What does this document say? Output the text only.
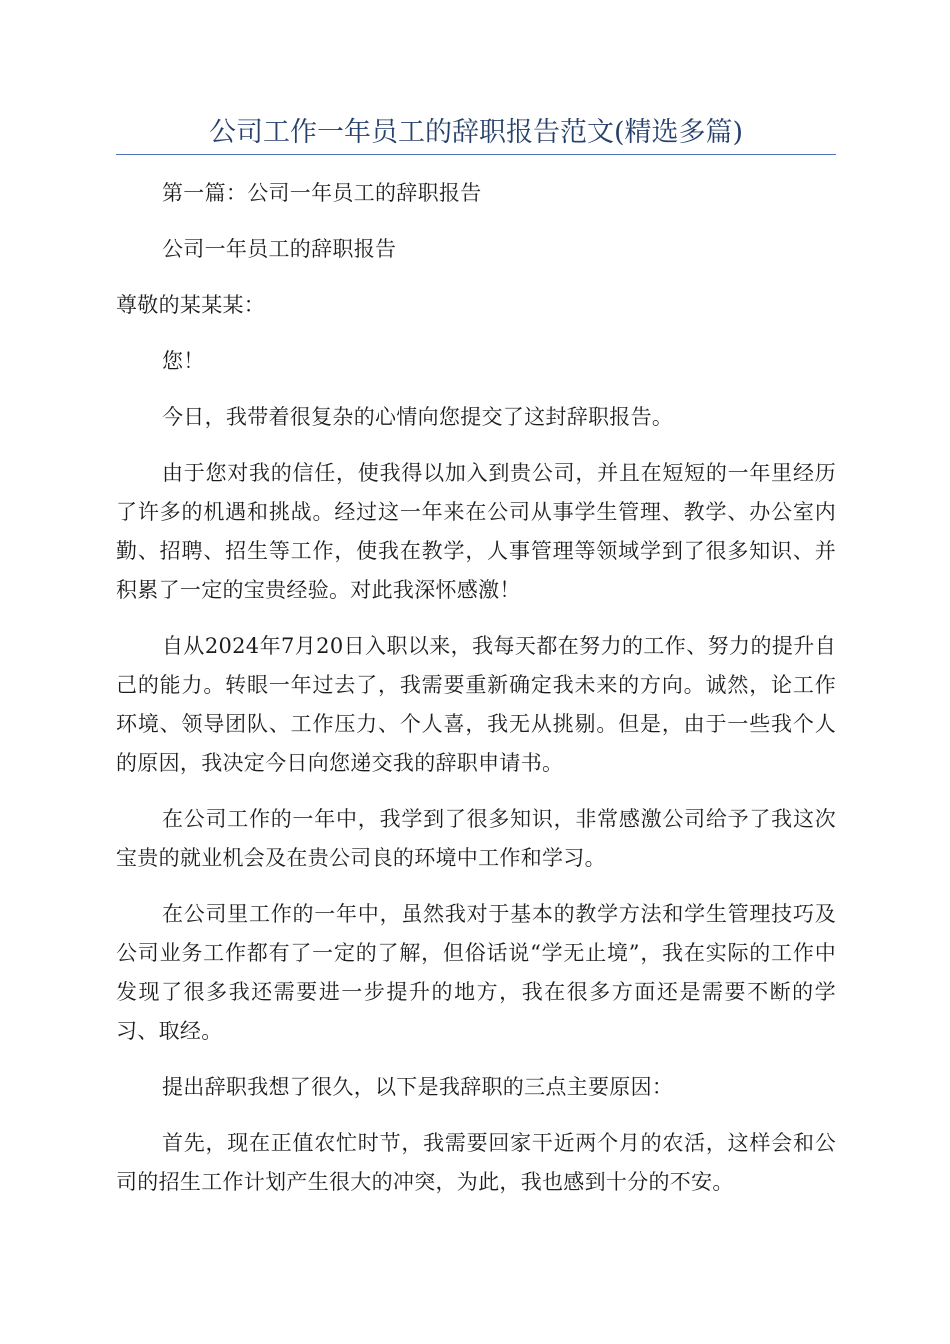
公司工作一年员工的辞职报告范文(精选多篇)

第一篇：公司一年员工的辞职报告

公司一年员工的辞职报告

尊敬的某某某：

您！

今日，我带着很复杂的心情向您提交了这封辞职报告。

由于您对我的信任，使我得以加入到贵公司，并且在短短的一年里经历了许多的机遇和挑战。经过这一年来在公司从事学生管理、教学、办公室内勤、招聘、招生等工作，使我在教学，人事管理等领域学到了很多知识、并积累了一定的宝贵经验。对此我深怀感激！

自从2024年7月20日入职以来，我每天都在努力的工作、努力的提升自己的能力。转眼一年过去了，我需要重新确定我未来的方向。诚然，论工作环境、领导团队、工作压力、个人喜，我无从挑剔。但是，由于一些我个人的原因，我决定今日向您递交我的辞职申请书。

在公司工作的一年中，我学到了很多知识，非常感激公司给予了我这次宝贵的就业机会及在贵公司良的环境中工作和学习。

在公司里工作的一年中，虽然我对于基本的教学方法和学生管理技巧及公司业务工作都有了一定的了解，但俗话说“学无止境”，我在实际的工作中发现了很多我还需要进一步提升的地方，我在很多方面还是需要不断的学习、取经。

提出辞职我想了很久，以下是我辞职的三点主要原因：

首先，现在正值农忙时节，我需要回家干近两个月的农活，这样会和公司的招生工作计划产生很大的冲突，为此，我也感到十分的不安。
